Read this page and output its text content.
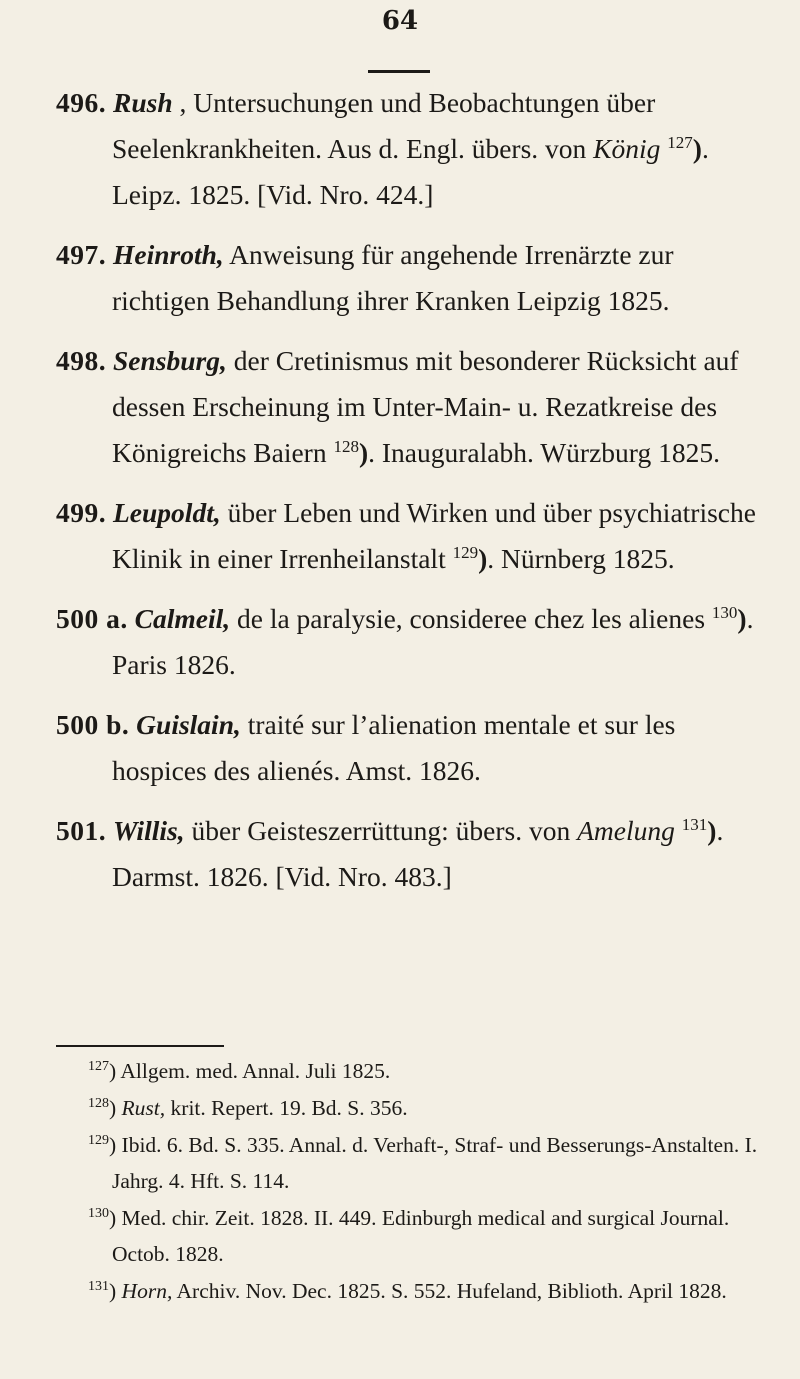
64
496. Rush , Untersuchungen und Beobachtungen über Seelenkrankheiten. Aus d. Engl. übers. von König $^{127}$). Leipz. 1825. [Vid. Nro. 424.]
497. Heinroth, Anweisung für angehende Irrenärzte zur richtigen Behandlung ihrer Kranken Leipzig 1825.
498. Sensburg, der Cretinismus mit besonderer Rücksicht auf dessen Erscheinung im Unter-Main- u. Rezatkreise des Königreichs Baiern $^{128}$). Inauguralabh. Würzburg 1825.
499. Leupoldt, über Leben und Wirken und über psychiatrische Klinik in einer Irrenheilanstalt $^{129}$). Nürnberg 1825.
500 a. Calmeil, de la paralysie, consideree chez les alienes $^{130}$). Paris 1826.
500 b. Guislain, traité sur l’alienation mentale et sur les hospices des alienés. Amst. 1826.
501. Willis, über Geisteszerrüttung: übers. von Amelung $^{131}$). Darmst. 1826. [Vid. Nro. 483.]
$^{127}$) Allgem. med. Annal. Juli 1825.
$^{128}$) Rust, krit. Repert. 19. Bd. S. 356.
$^{129}$) Ibid. 6. Bd. S. 335. Annal. d. Verhaft-, Straf- und Besserungs-Anstalten. I. Jahrg. 4. Hft. S. 114.
$^{130}$) Med. chir. Zeit. 1828. II. 449. Edinburgh medical and surgical Journal. Octob. 1828.
$^{131}$) Horn, Archiv. Nov. Dec. 1825. S. 552. Hufeland, Biblioth. April 1828.
